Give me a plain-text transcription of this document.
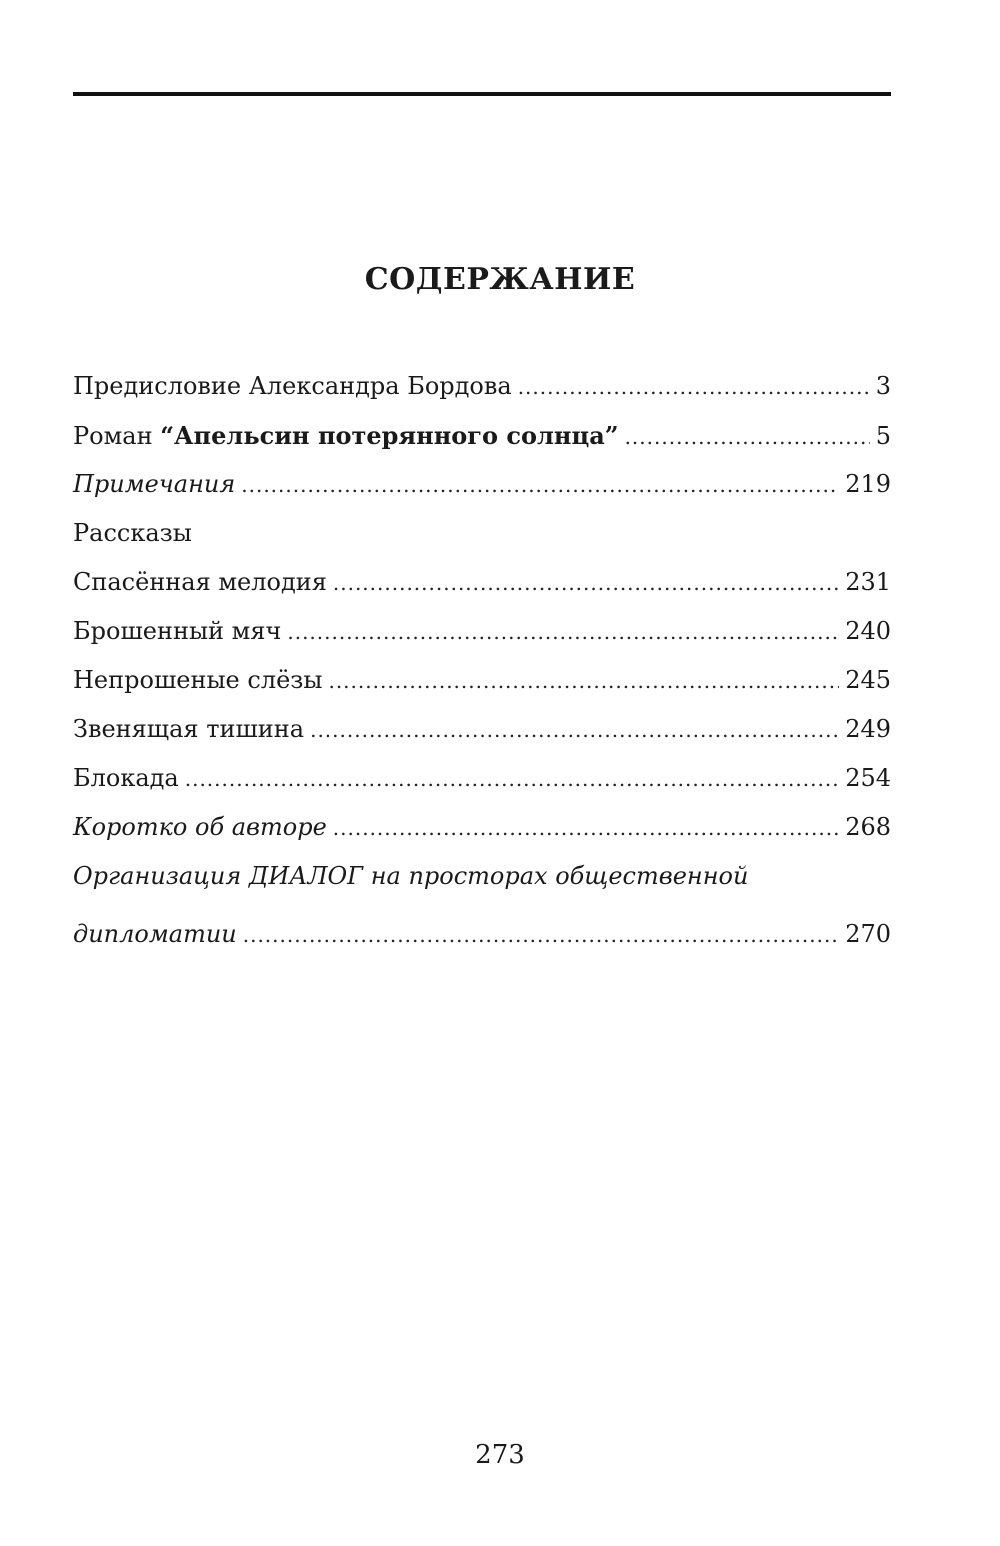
СОДЕРЖАНИЕ
Предисловие Александра Бордова .....	3
Роман “Апельсин потерянного солнца” .....	5
Примечания .....	219
Рассказы
Спасённая мелодия .....	231
Брошенный мяч .....	240
Непрошеные слёзы .....	245
Звенящая тишина .....	249
Блокада .....	254
Коротко об авторе .....	268
Организация ДИАЛОГ на просторах общественной
дипломатии .....	270
273
